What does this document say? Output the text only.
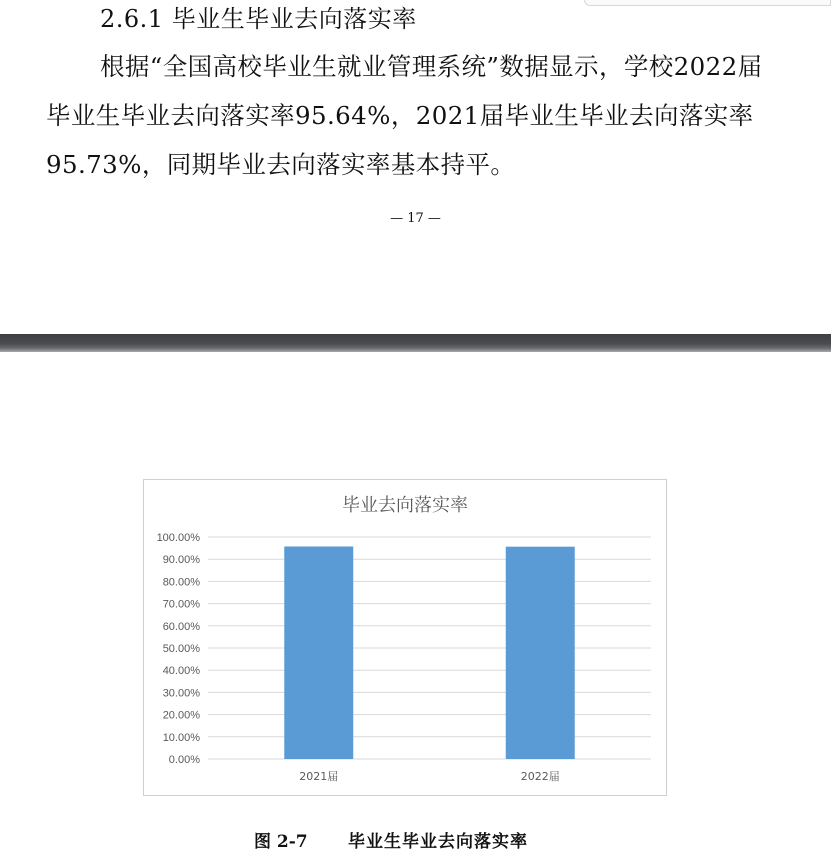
2.6.1 毕业生毕业去向落实率

根据“全国高校毕业生就业管理系统”数据显示，学校2022届毕业生毕业去向落实率95.64%，2021届毕业生毕业去向落实率95.73%，同期毕业去向落实率基本持平。

— 17 —
毕业去向落实率
0.00%
10.00%
20.00%
30.00%
40.00%
50.00%
60.00%
70.00%
80.00%
90.00%
100.00%
2021届	2022届
图 2-7 毕业生毕业去向落实率
